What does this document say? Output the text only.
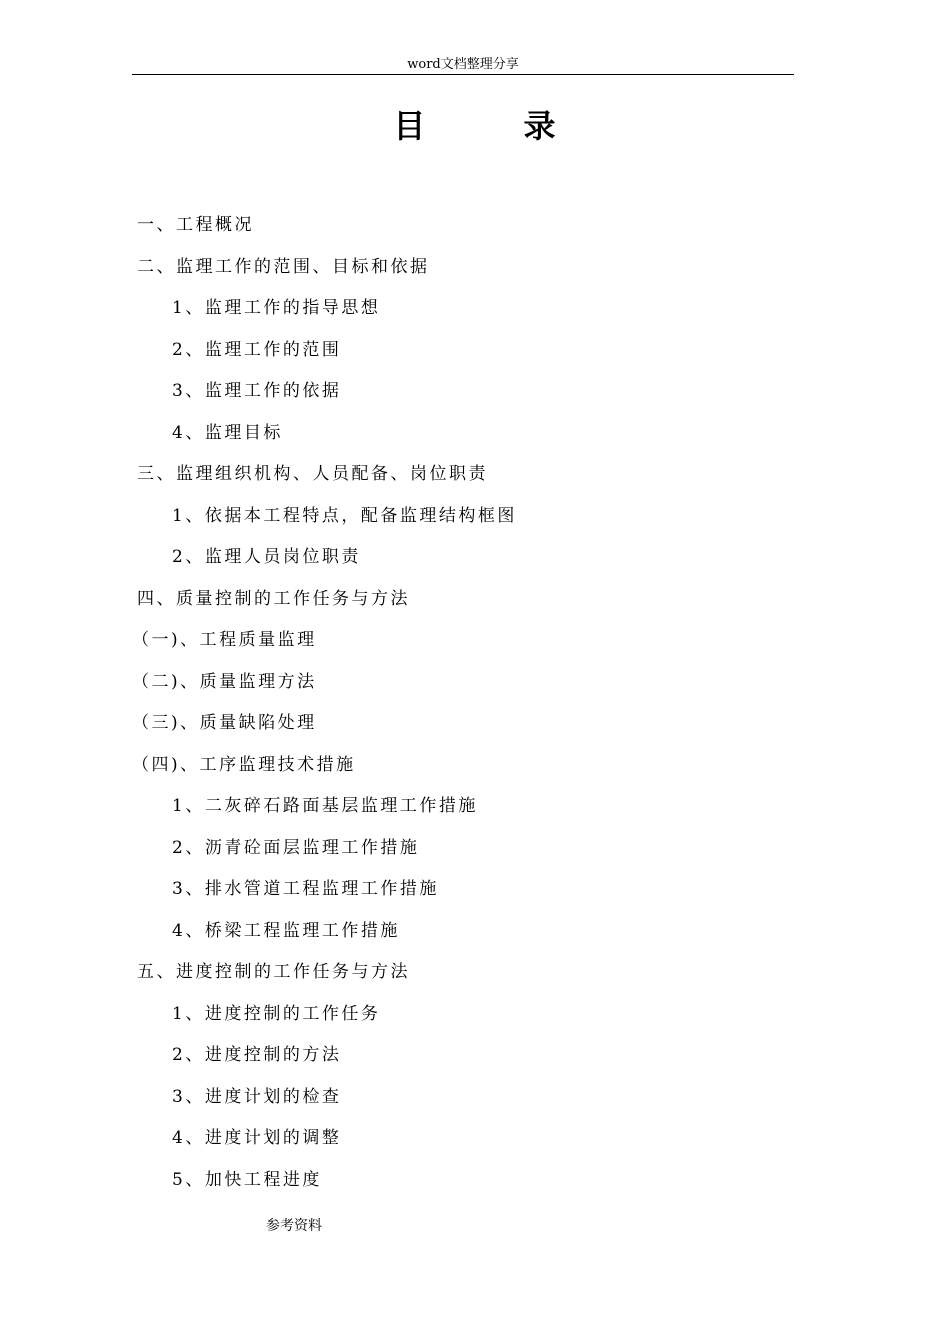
word文档整理分享
目        录
一、工程概况
二、监理工作的范围、目标和依据
1、监理工作的指导思想
2、监理工作的范围
3、监理工作的依据
4、监理目标
三、监理组织机构、人员配备、岗位职责
1、依据本工程特点，配备监理结构框图
2、监理人员岗位职责
四、质量控制的工作任务与方法
（一)、工程质量监理
（二)、质量监理方法
（三)、质量缺陷处理
（四)、工序监理技术措施
1、二灰碎石路面基层监理工作措施
2、沥青砼面层监理工作措施
3、排水管道工程监理工作措施
4、桥梁工程监理工作措施
五、进度控制的工作任务与方法
1、进度控制的工作任务
2、进度控制的方法
3、进度计划的检查
4、进度计划的调整
5、加快工程进度
参考资料
